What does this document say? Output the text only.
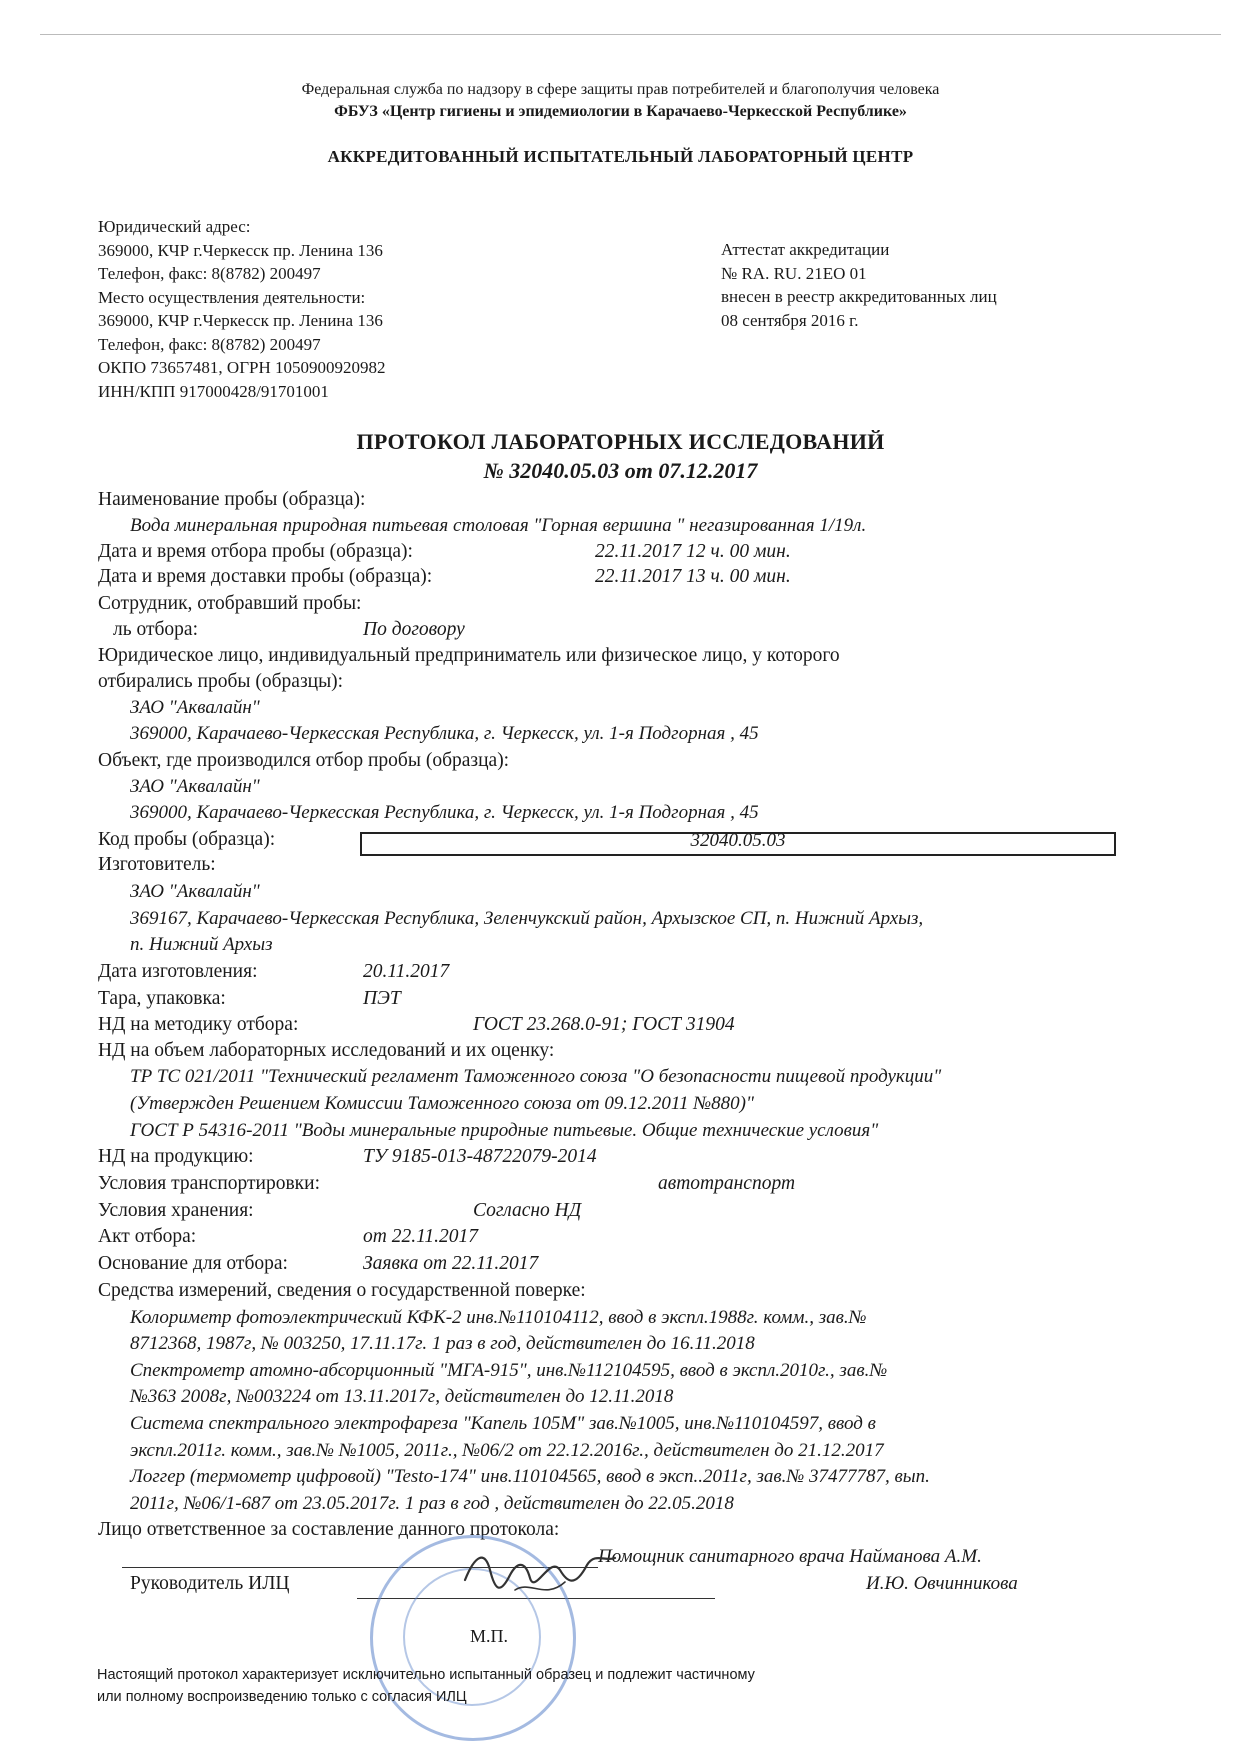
Федеральная служба по надзору в сфере защиты прав потребителей и благополучия человека
ФБУЗ «Центр гигиены и эпидемиологии в Карачаево-Черкесской Республике»
АККРЕДИТОВАННЫЙ ИСПЫТАТЕЛЬНЫЙ ЛАБОРАТОРНЫЙ ЦЕНТР
Юридический адрес:
369000, КЧР г.Черкесск пр. Ленина 136
Телефон, факс: 8(8782) 200497
Место осуществления деятельности:
369000, КЧР г.Черкесск пр. Ленина 136
Телефон, факс: 8(8782) 200497
ОКПО 73657481, ОГРН 1050900920982
ИНН/КПП 917000428/91701001
Аттестат аккредитации
№ RA. RU. 21ЕО 01
внесен в реестр аккредитованных лиц
08 сентября 2016 г.
ПРОТОКОЛ ЛАБОРАТОРНЫХ ИССЛЕДОВАНИЙ
№ 32040.05.03 от 07.12.2017
Наименование пробы (образца):
Вода минеральная природная питьевая столовая "Горная вершина " негазированная 1/19л.
Дата и время отбора пробы (образца):	22.11.2017 12 ч. 00 мин.
Дата и время доставки пробы (образца):	22.11.2017 13 ч. 00 мин.
Сотрудник, отобравший пробы:
ль отбора:	По договору
Юридическое лицо, индивидуальный предприниматель или физическое лицо, у которого
отбирались пробы (образцы):
ЗАО "Аквалайн"
369000, Карачаево-Черкесская Республика, г. Черкесск, ул. 1-я Подгорная , 45
Объект, где производился отбор пробы (образца):
ЗАО "Аквалайн"
369000, Карачаево-Черкесская Республика, г. Черкесск, ул. 1-я Подгорная , 45
Код пробы (образца):	32040.05.03
Изготовитель:
ЗАО "Аквалайн"
369167, Карачаево-Черкесская Республика, Зеленчукский район, Архызское СП, п. Нижний Архыз,
п. Нижний Архыз
Дата изготовления:	20.11.2017
Тара, упаковка:	ПЭТ
НД на методику отбора:	ГОСТ 23.268.0-91; ГОСТ 31904
НД на объем лабораторных исследований и их оценку:
ТР ТС 021/2011 "Технический регламент Таможенного союза "О безопасности пищевой продукции"
(Утвержден Решением Комиссии Таможенного союза от 09.12.2011 №880)"
ГОСТ Р 54316-2011 "Воды минеральные природные питьевые. Общие технические условия"
НД на продукцию:	ТУ 9185-013-48722079-2014
Условия транспортировки:	автотранспорт
Условия хранения:	Согласно НД
Акт отбора:	от 22.11.2017
Основание для отбора:	Заявка от 22.11.2017
Средства измерений, сведения о государственной поверке:
Колориметр фотоэлектрический КФК-2 инв.№110104112, ввод в экспл.1988г. комм., зав.№
8712368, 1987г, № 003250, 17.11.17г. 1 раз в год, действителен до 16.11.2018
Спектрометр атомно-абсорционный "МГА-915", инв.№112104595, ввод в экспл.2010г., зав.№
№363 2008г, №003224 от 13.11.2017г, действителен до 12.11.2018
Система спектрального электрофареза "Капель 105М" зав.№1005, инв.№110104597, ввод в
экспл.2011г. комм., зав.№ №1005, 2011г., №06/2 от 22.12.2016г., действителен до 21.12.2017
Логгер (термометр цифровой) "Testo-174" инв.110104565, ввод в эксп..2011г, зав.№ 37477787, вып.
2011г, №06/1-687 от 23.05.2017г. 1 раз в год , действителен до 22.05.2018
Лицо ответственное за составление данного протокола:
Помощник санитарного врача Найманова А.М.
Руководитель ИЛЦ	И.Ю. Овчинникова
М.П.
Настоящий протокол характеризует исключительно испытанный образец и подлежит частичному
или полному воспроизведению только с согласия ИЛЦ
